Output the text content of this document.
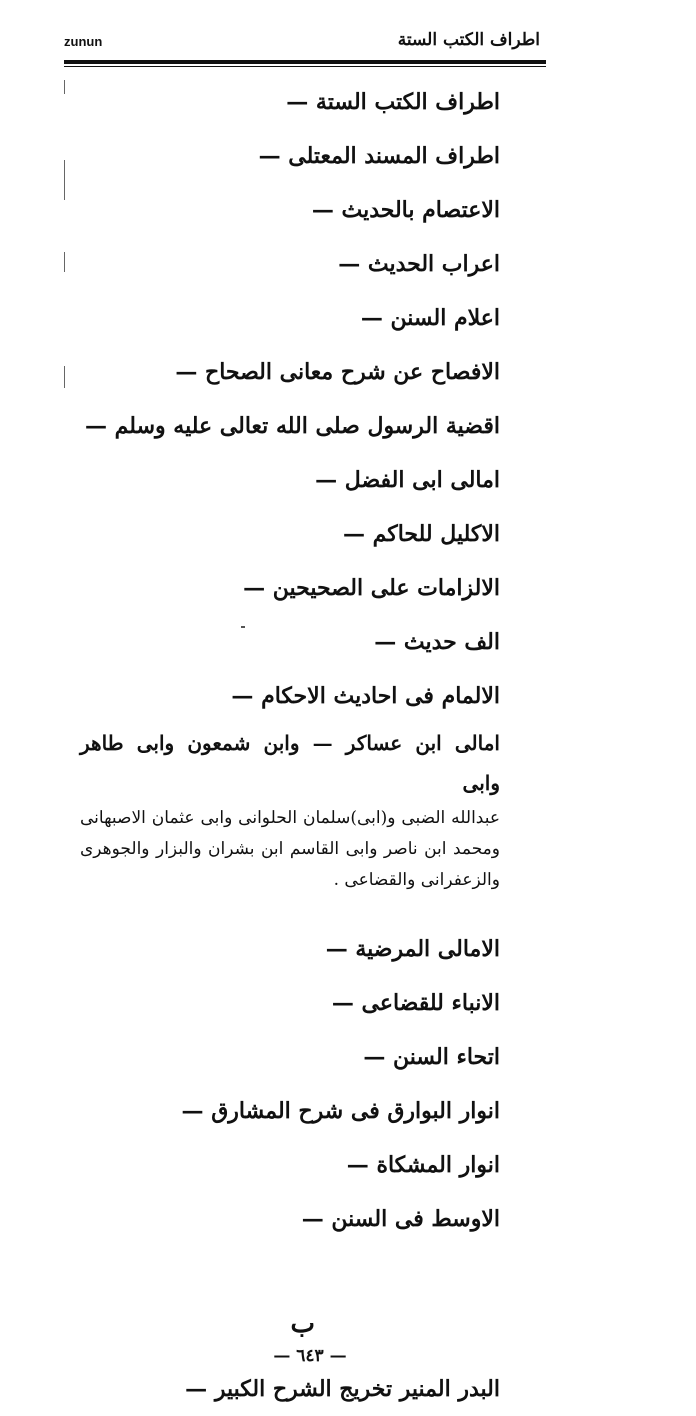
zunun	اطراف الكتب الستة
اطراف الكتب الستة —
اطراف المسند المعتلى —
الاعتصام بالحديث —
اعراب الحديث —
اعلام السنن —
الافصاح عن شرح معانى الصحاح —
اقضية الرسول صلى الله تعالى عليه وسلم —
امالى ابى الفضل —
الاكليل للحاكم —
الالزامات على الصحيحين —
الف حديث —
الالمام فى احاديث الاحكام —
امالى ابن عساكر — وابن شمعون وابى طاهر وابى
عبدالله الضبى و(ابى)سلمان الحلوانى وابى عثمان الاصبهانى ومحمد ابن ناصر وابى القاسم ابن بشران والبزار والجوهرى والزعفرانى والقضاعى .
الامالى المرضية —
الانباء للقضاعى —
اتحاء السنن —
انوار البوارق فى شرح المشارق —
انوار المشكاة —
الاوسط فى السنن —
ب
البدر المنير تخريج الشرح الكبير —
— ٦٤٣ —
